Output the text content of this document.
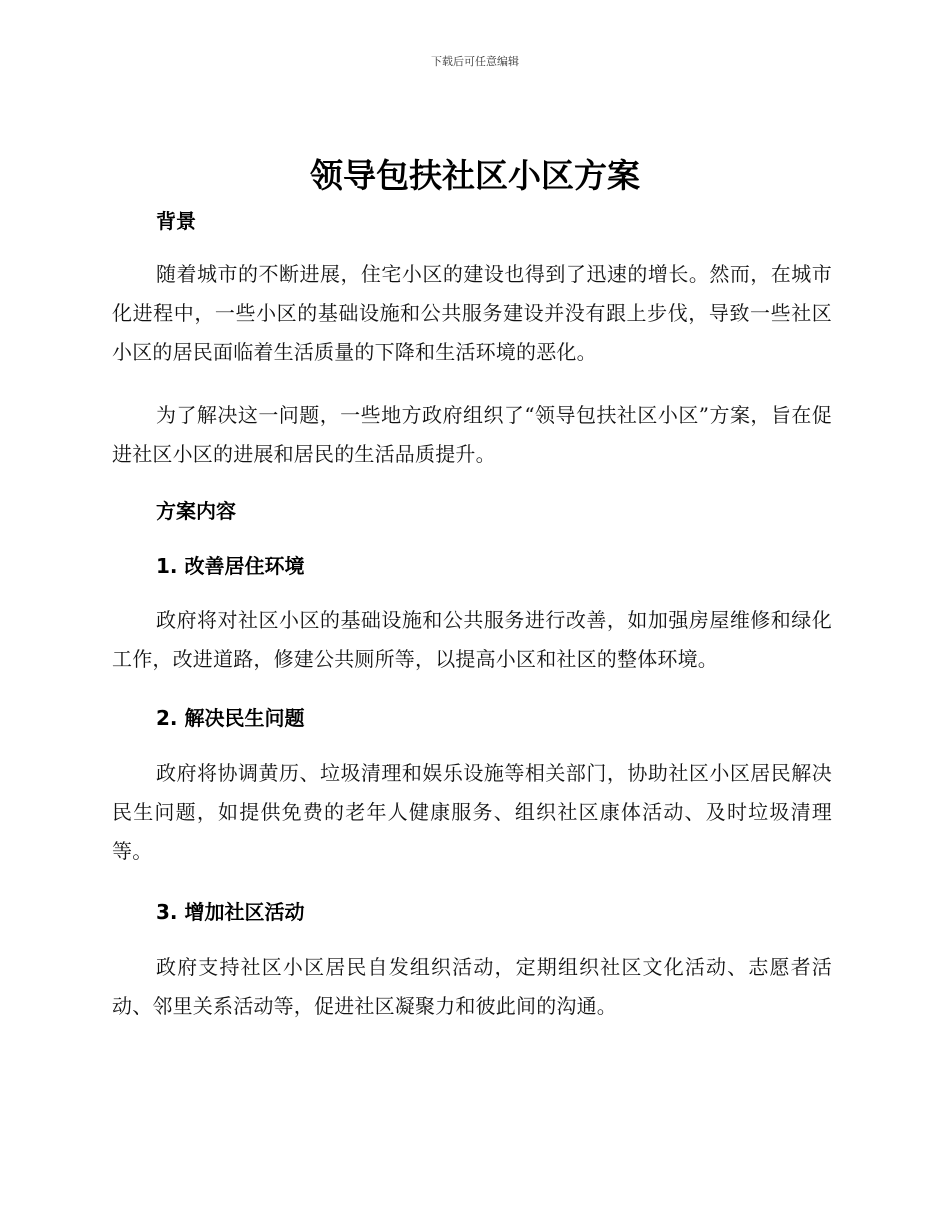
下载后可任意编辑
领导包扶社区小区方案
背景

随着城市的不断进展，住宅小区的建设也得到了迅速的增长。然而，在城市化进程中，一些小区的基础设施和公共服务建设并没有跟上步伐，导致一些社区小区的居民面临着生活质量的下降和生活环境的恶化。

为了解决这一问题，一些地方政府组织了“领导包扶社区小区”方案，旨在促进社区小区的进展和居民的生活品质提升。

方案内容
1. 改善居住环境

政府将对社区小区的基础设施和公共服务进行改善，如加强房屋维修和绿化工作，改进道路，修建公共厕所等，以提高小区和社区的整体环境。

2. 解决民生问题

政府将协调黄历、垃圾清理和娱乐设施等相关部门，协助社区小区居民解决民生问题，如提供免费的老年人健康服务、组织社区康体活动、及时垃圾清理等。

3. 增加社区活动

政府支持社区小区居民自发组织活动，定期组织社区文化活动、志愿者活动、邻里关系活动等，促进社区凝聚力和彼此间的沟通。
